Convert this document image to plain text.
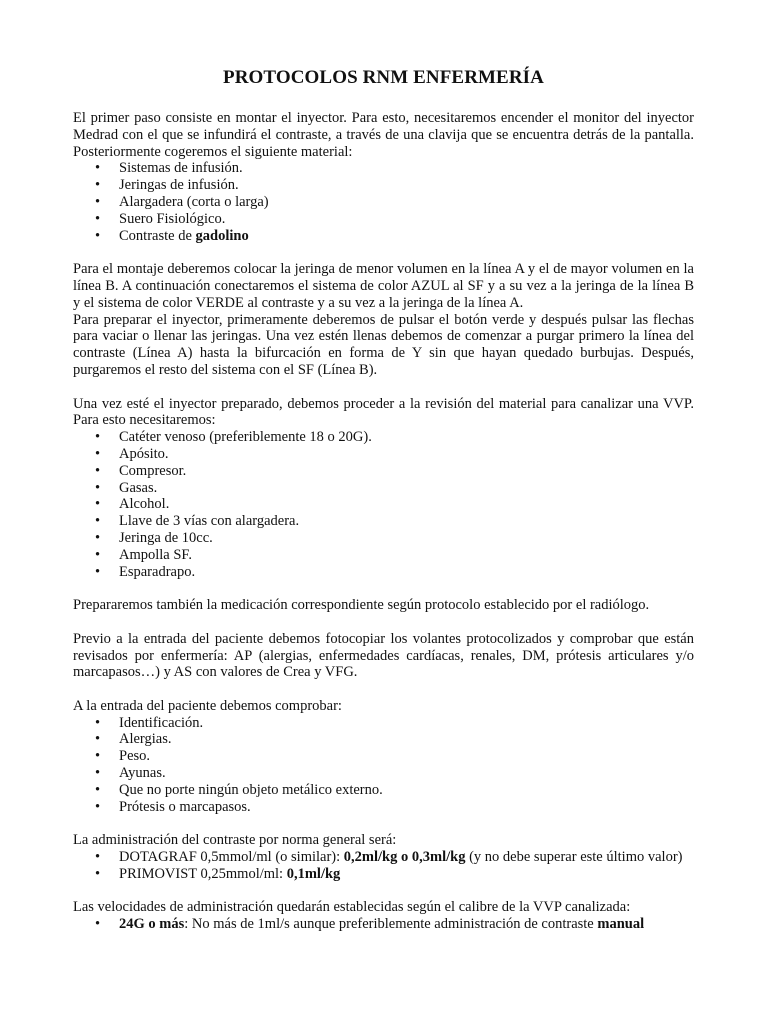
PROTOCOLOS RNM ENFERMERÍA

El primer paso consiste en montar el inyector. Para esto, necesitaremos encender el monitor del inyector Medrad con el que se infundirá el contraste, a través de una clavija que se encuentra detrás de la pantalla. Posteriormente cogeremos el siguiente material:

• Sistemas de infusión.
• Jeringas de infusión.
• Alargadera (corta o larga)
• Suero Fisiológico.
• Contraste de gadolino

Para el montaje deberemos colocar la jeringa de menor volumen en la línea A y el de mayor volumen en la línea B. A continuación conectaremos el sistema de color AZUL al SF y a su vez a la jeringa de la línea B y el sistema de color VERDE al contraste y a su vez a la jeringa de la línea A.

Para preparar el inyector, primeramente deberemos de pulsar el botón verde y después pulsar las flechas para vaciar o llenar las jeringas. Una vez estén llenas debemos de comenzar a purgar primero la línea del contraste (Línea A) hasta la bifurcación en forma de Y sin que hayan quedado burbujas. Después, purgaremos el resto del sistema con el SF (Línea B).

Una vez esté el inyector preparado, debemos proceder a la revisión del material para canalizar una VVP. Para esto necesitaremos:

• Catéter venoso (preferiblemente 18 o 20G).
• Apósito.
• Compresor.
• Gasas.
• Alcohol.
• Llave de 3 vías con alargadera.
• Jeringa de 10cc.
• Ampolla SF.
• Esparadrapo.

Prepararemos también la medicación correspondiente según protocolo establecido por el radiólogo.

Previo a la entrada del paciente debemos fotocopiar los volantes protocolizados y comprobar que están revisados por enfermería: AP (alergias, enfermedades cardíacas, renales, DM, prótesis articulares y/o marcapasos…) y AS con valores de Crea y VFG.

A la entrada del paciente debemos comprobar:

• Identificación.
• Alergias.
• Peso.
• Ayunas.
• Que no porte ningún objeto metálico externo.
• Prótesis o marcapasos.

La administración del contraste por norma general será:

• DOTAGRAF 0,5mmol/ml (o similar): 0,2ml/kg o 0,3ml/kg (y no debe superar este último valor)
• PRIMOVIST 0,25mmol/ml: 0,1ml/kg

Las velocidades de administración quedarán establecidas según el calibre de la VVP canalizada:

• 24G o más: No más de 1ml/s aunque preferiblemente administración de contraste manual
